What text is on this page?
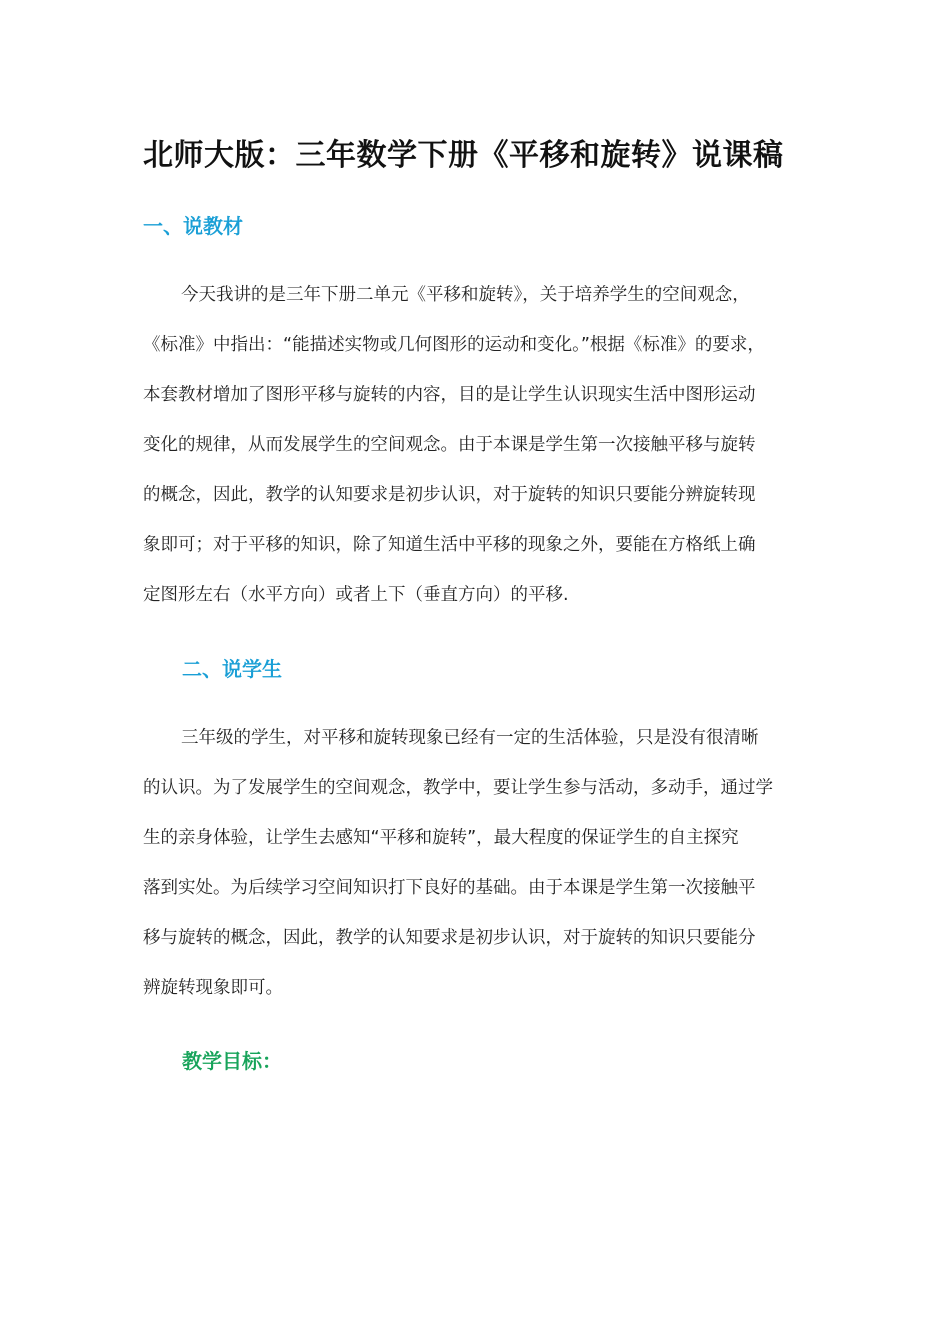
北师大版：三年数学下册《平移和旋转》说课稿
一、说教材
今天我讲的是三年下册二单元《平移和旋转》，关于培养学生的空间观念，
《标准》中指出：“能描述实物或几何图形的运动和变化。”根据《标准》的要求，
本套教材增加了图形平移与旋转的内容，目的是让学生认识现实生活中图形运动
变化的规律，从而发展学生的空间观念。由于本课是学生第一次接触平移与旋转
的概念，因此，教学的认知要求是初步认识，对于旋转的知识只要能分辨旋转现
象即可；对于平移的知识，除了知道生活中平移的现象之外，要能在方格纸上确
定图形左右（水平方向）或者上下（垂直方向）的平移.
二、说学生
三年级的学生，对平移和旋转现象已经有一定的生活体验，只是没有很清晰
的认识。为了发展学生的空间观念，教学中，要让学生参与活动，多动手，通过学
生的亲身体验，让学生去感知“平移和旋转”，最大程度的保证学生的自主探究
落到实处。为后续学习空间知识打下良好的基础。由于本课是学生第一次接触平
移与旋转的概念，因此，教学的认知要求是初步认识，对于旋转的知识只要能分
辨旋转现象即可。
教学目标：
